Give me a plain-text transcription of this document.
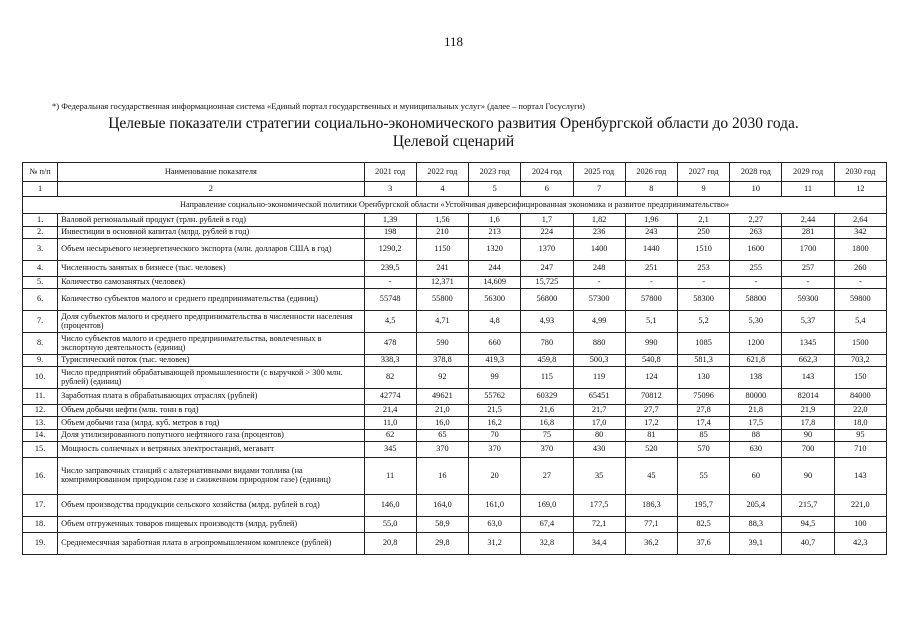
118
*) Федеральная государственная информационная система «Единый портал государственных и муниципальных услуг» (далее – портал Госуслуги)
Целевые показатели стратегии социально-экономического развития Оренбургской области до 2030 года.
Целевой сценарий
№ п/п	Наименование показателя	2021 год	2022 год	2023 год	2024 год	2025 год	2026 год	2027 год	2028 год	2029 год	2030 год
1	2	3	4	5	6	7	8	9	10	11	12
Направление социально-экономической политики Оренбургской области «Устойчивая диверсифицированная экономика и развитое предпринимательство»											
1.	Валовой региональный продукт (трлн. рублей в год)	1,39	1,56	1,6	1,7	1,82	1,96	2,1	2,27	2,44	2,64
2.	Инвестиции в основной капитал (млрд. рублей в год)	198	210	213	224	236	243	250	263	281	342
3.	Объем несырьевого неэнергетического экспорта (млн. долларов США в год)	1290,2	1150	1320	1370	1400	1440	1510	1600	1700	1800
4.	Численность занятых в бизнесе (тыс. человек)	239,5	241	244	247	248	251	253	255	257	260
5.	Количество самозанятых (человек)	-	12,371	14,609	15,725	-	-	-	-	-	-
6.	Количество субъектов малого и среднего предпринимательства (единиц)	55748	55800	56300	56800	57300	57800	58300	58800	59300	59800
7.	Доля субъектов малого и среднего предпринимательства в численности населения (процентов)	4,5	4,71	4,8	4,93	4,99	5,1	5,2	5,30	5,37	5,4
8.	Число субъектов малого и среднего предпринимательства, вовлеченных в экспортную деятельность (единиц)	478	590	660	780	880	990	1085	1200	1345	1500
9.	Туристический поток (тыс. человек)	338,3	378,8	419,3	459,8	500,3	540,8	581,3	621,8	662,3	703,2
10.	Число предприятий обрабатывающей промышленности (с выручкой > 300 млн. рублей) (единиц)	82	92	99	115	119	124	130	138	143	150
11.	Заработная плата в обрабатывающих отраслях (рублей)	42774	49621	55762	60329	65451	70812	75096	80000	82014	84000
12.	Объем добычи нефти (млн. тонн в год)	21,4	21,0	21,5	21,6	21,7	27,7	27,8	21,8	21,9	22,0
13.	Объем добычи газа (млрд. куб. метров в год)	11,0	16,0	16,2	16,8	17,0	17,2	17,4	17,5	17,8	18,0
14.	Доля утилизированного попутного нефтяного газа (процентов)	62	65	70	75	80	81	85	88	90	95
15.	Мощность солнечных и ветряных электростанций, мегаватт	345	370	370	370	430	520	570	630	700	710
16.	Число заправочных станций с альтернативными видами топлива (на компримированном природном газе и сжиженном природном газе) (единиц)	11	16	20	27	35	45	55	60	90	143
17.	Объем производства продукции сельского хозяйства (млрд. рублей в год)	146,0	164,0	161,0	169,0	177,5	186,3	195,7	205,4	215,7	221,0
18.	Объем отгруженных товаров пищевых производств (млрд. рублей)	55,0	58,9	63,0	67,4	72,1	77,1	82,5	88,3	94,5	100
19.	Среднемесячная заработная плата в агропромышленном комплексе (рублей)	20,8	29,8	31,2	32,8	34,4	36,2	37,6	39,1	40,7	42,3
